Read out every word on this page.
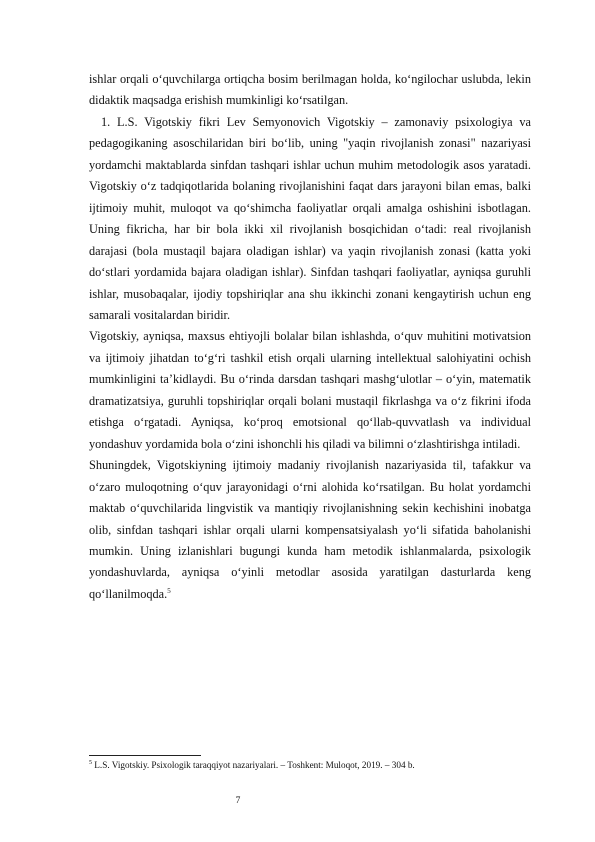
ishlar orqali o‘quvchilarga ortiqcha bosim berilmagan holda, ko‘ngilochar uslubda, lekin didaktik maqsadga erishish mumkinligi ko‘rsatilgan.

1. L.S. Vigotskiy fikri Lev Semyonovich Vigotskiy – zamonaviy psixologiya va pedagogikaning asoschilaridan biri bo‘lib, uning "yaqin rivojlanish zonasi" nazariyasi yordamchi maktablarda sinfdan tashqari ishlar uchun muhim metodologik asos yaratadi. Vigotskiy o‘z tadqiqotlarida bolaning rivojlanishini faqat dars jarayoni bilan emas, balki ijtimoiy muhit, muloqot va qo‘shimcha faoliyatlar orqali amalga oshishini isbotlagan. Uning fikricha, har bir bola ikki xil rivojlanish bosqichidan o‘tadi: real rivojlanish darajasi (bola mustaqil bajara oladigan ishlar) va yaqin rivojlanish zonasi (katta yoki do‘stlari yordamida bajara oladigan ishlar). Sinfdan tashqari faoliyatlar, ayniqsa guruhli ishlar, musobaqalar, ijodiy topshiriqlar ana shu ikkinchi zonani kengaytirish uchun eng samarali vositalardan biridir.

Vigotskiy, ayniqsa, maxsus ehtiyojli bolalar bilan ishlashda, o‘quv muhitini motivatsion va ijtimoiy jihatdan to‘g‘ri tashkil etish orqali ularning intellektual salohiyatini ochish mumkinligini ta’kidlaydi. Bu o‘rinda darsdan tashqari mashg‘ulotlar – o‘yin, matematik dramatizatsiya, guruhli topshiriqlar orqali bolani mustaqil fikrlashga va o‘z fikrini ifoda etishga o‘rgatadi. Ayniqsa, ko‘proq emotsional qo‘llab-quvvatlash va individual yondashuv yordamida bola o‘zini ishonchli his qiladi va bilimni o‘zlashtirishga intiladi.

Shuningdek, Vigotskiyning ijtimoiy madaniy rivojlanish nazariyasida til, tafakkur va o‘zaro muloqotning o‘quv jarayonidagi o‘rni alohida ko‘rsatilgan. Bu holat yordamchi maktab o‘quvchilarida lingvistik va mantiqiy rivojlanishning sekin kechishini inobatga olib, sinfdan tashqari ishlar orqali ularni kompensatsiyalash yo‘li sifatida baholanishi mumkin. Uning izlanishlari bugungi kunda ham metodik ishlanmalarda, psixologik yondashuvlarda, ayniqsa o‘yinli metodlar asosida yaratilgan dasturlarda keng qo‘llanilmoqda.$^5$

$^5$ L.S. Vigotskiy. Psixologik taraqqiyot nazariyalari. – Toshkent: Muloqot, 2019. – 304 b.

7
